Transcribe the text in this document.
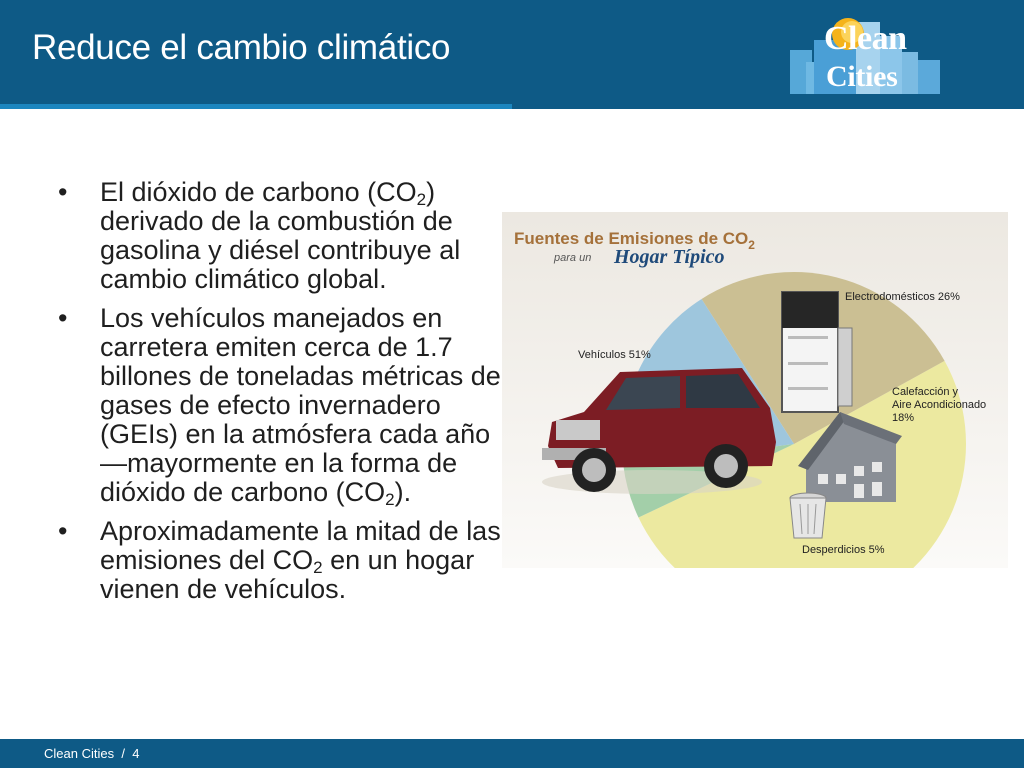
Reduce el cambio climático	Clean
Cities
• El dióxido de carbono $(CO_2)$ derivado de la combustión de gasolina y diésel contribuye al cambio climático global.
• Los vehículos manejados en carretera emiten cerca de 1.7 billones de toneladas métricas de gases de efecto invernadero (GEIs) en la atmósfera cada año—mayormente en la forma de dióxido de carbono $(CO_2)$.
• Aproximadamente la mitad de las emisiones del $CO_2$ en un hogar vienen de vehículos.
Fuentes de Emisiones de $CO_2$
para un Hogar Típico
Vehículos 51%
Electrodomésticos 26%
Calefacción y
Aire Acondicionado
18%
Desperdicios 5%
Clean Cities / 4
